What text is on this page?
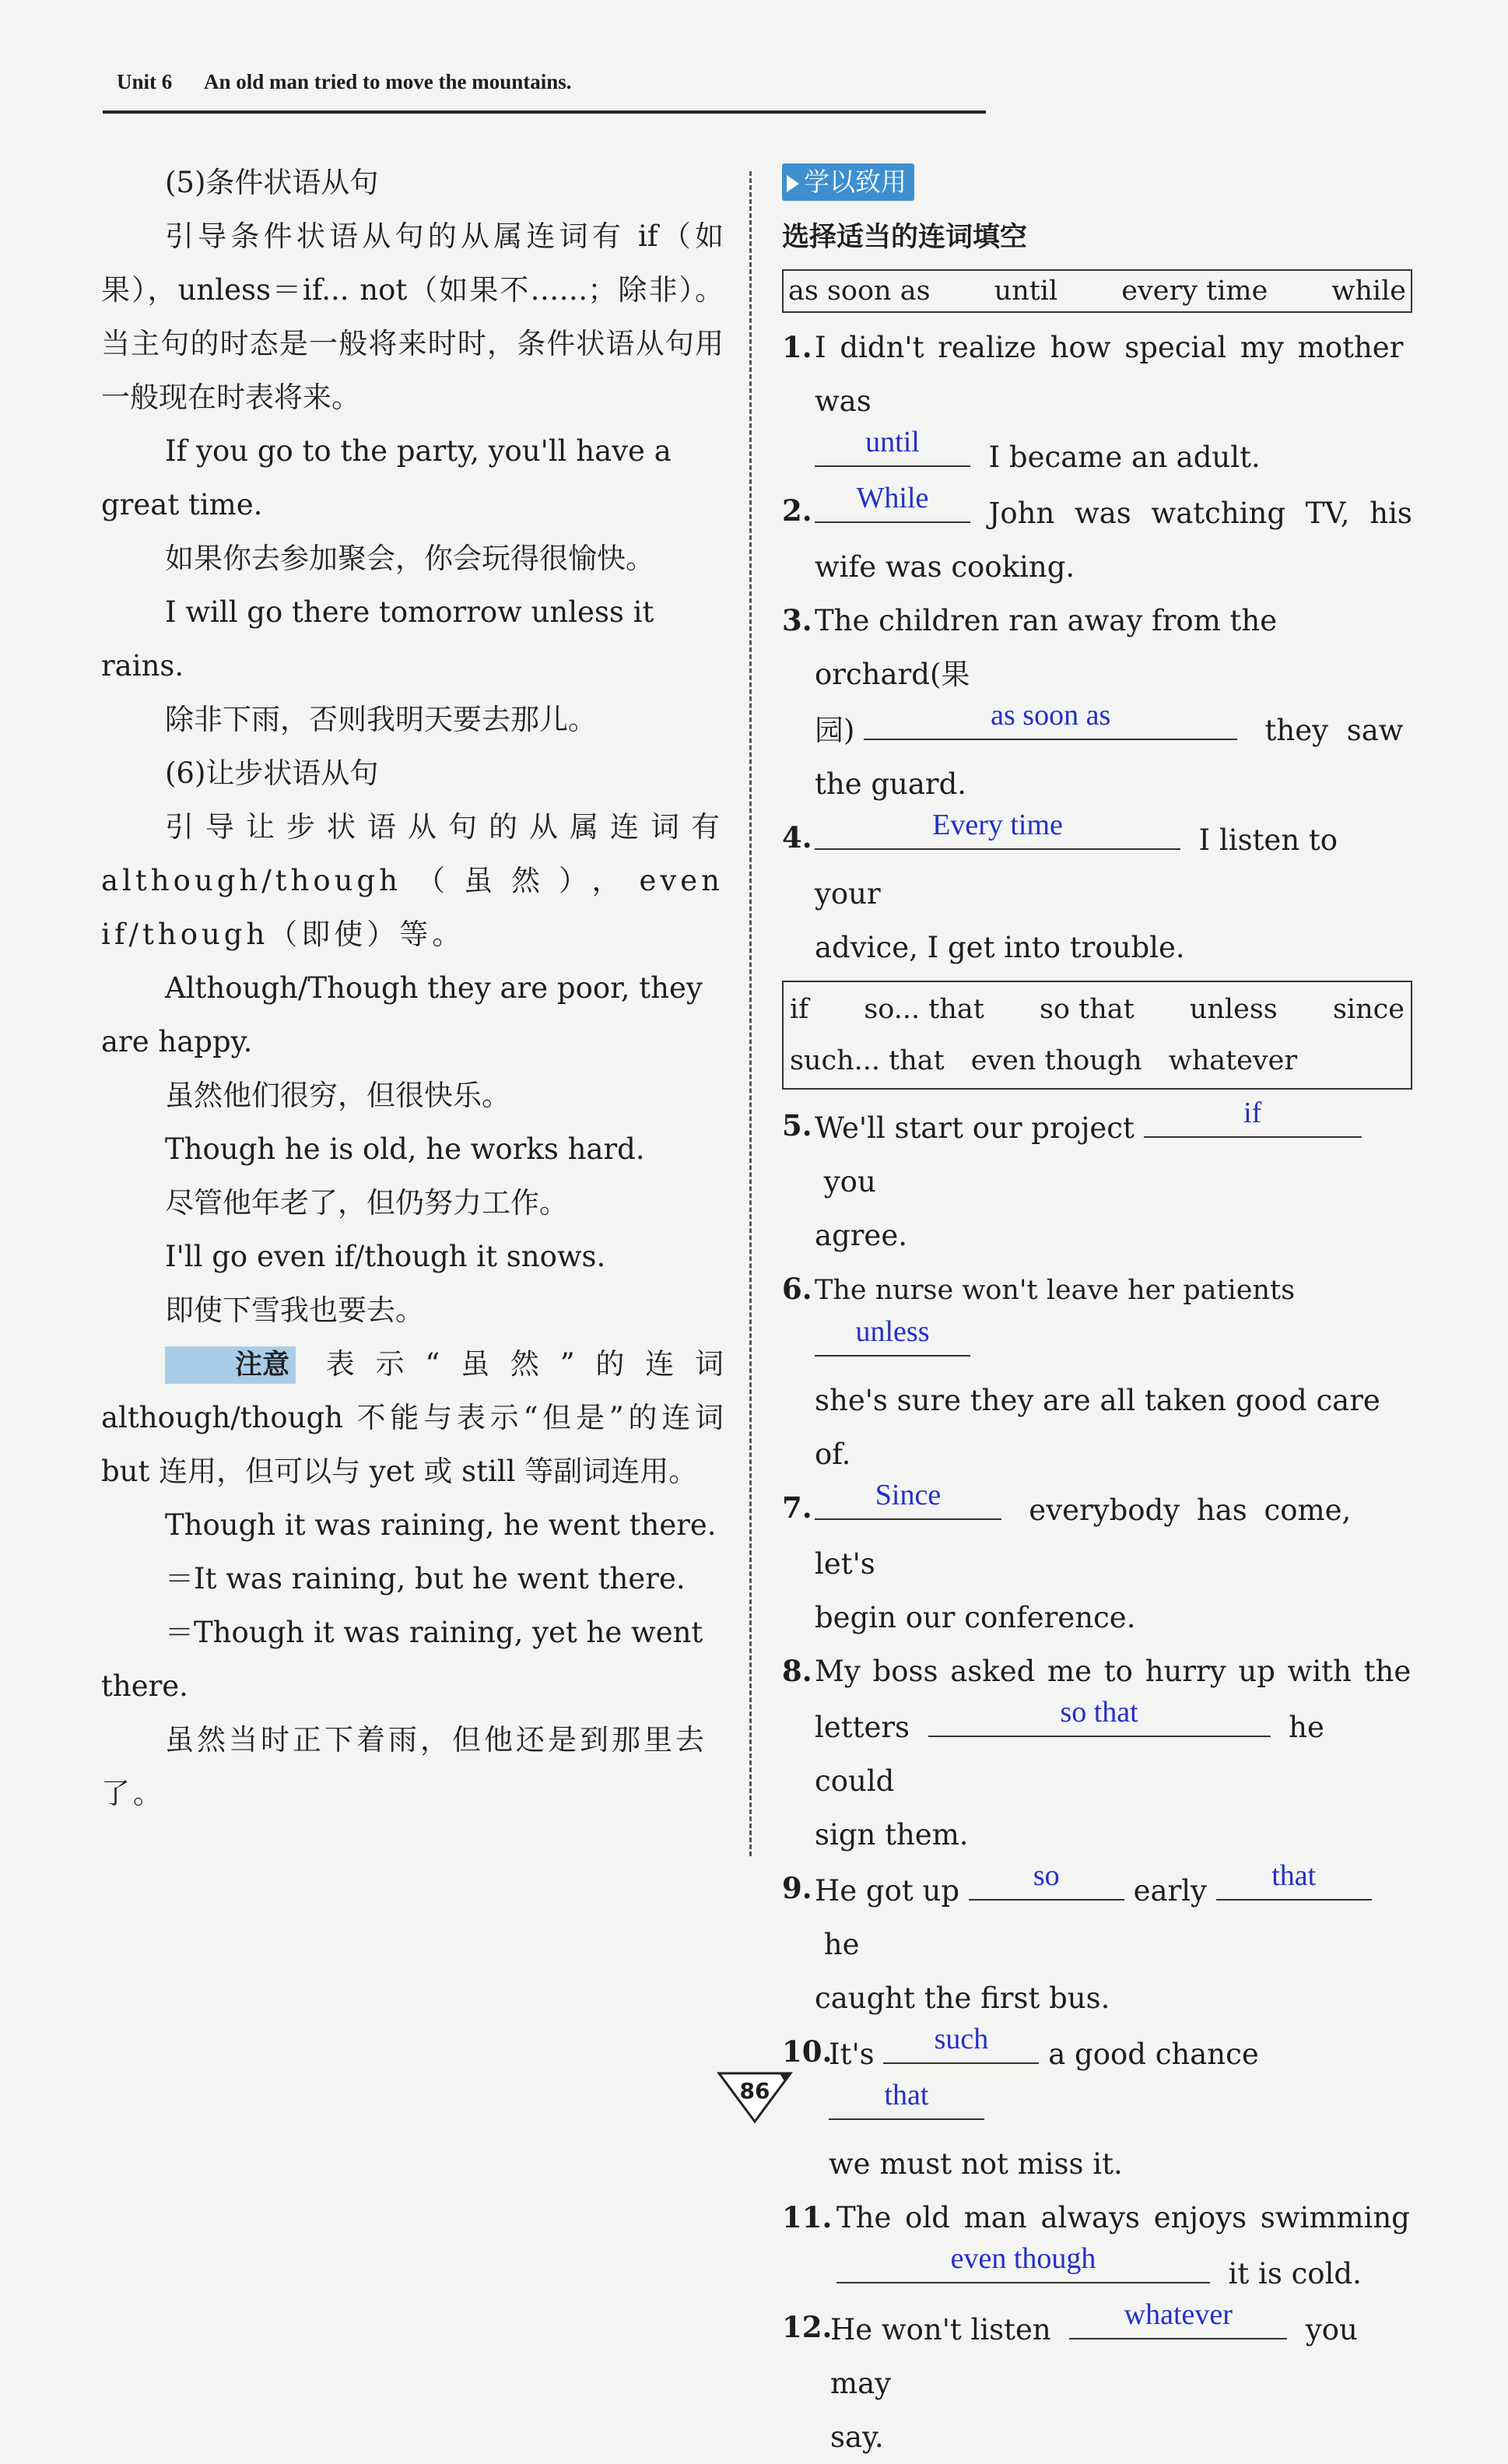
Unit 6 An old man tried to move the mountains.

(5)条件状语从句

引导条件状语从句的从属连词有 if（如果），unless＝if... not（如果不……；除非）。当主句的时态是一般将来时时，条件状语从句用一般现在时表将来。

If you go to the party, you'll have a great time.

如果你去参加聚会，你会玩得很愉快。

I will go there tomorrow unless it rains.

除非下雨，否则我明天要去那儿。

(6)让步状语从句

引导让步状语从句的从属连词有 although/though（虽然），even if/though（即使）等。

Although/Though they are poor, they are happy.

虽然他们很穷，但很快乐。

Though he is old, he works hard.

尽管他年老了，但仍努力工作。

I'll go even if/though it snows.

即使下雪我也要去。

注意 表示“虽然”的连词 although/though 不能与表示“但是”的连词 but 连用，但可以与 yet 或 still 等副词连用。

Though it was raining, he went there.

＝It was raining, but he went there.

＝Though it was raining, yet he went there.

虽然当时正下着雨，但他还是到那里去了。

学以致用
选择适当的连词填空
as soon as until every time while
1. I didn't realize how special my mother was

until	I became an adult.
2.	While	John was watching TV, his
wife was cooking.
3. The children ran away from the orchard(果
园)	as soon as	they saw
the guard.
4.	Every time	I listen to your
advice, I get into trouble.
if so... that so that unless since
such... that even though whatever
5. We'll start our project	if
you
agree.
6. The nurse won't leave her patients
unless

she's sure they are all taken good care of.
7.	Since	everybody has come, let's
begin our conference.
8. My boss asked me to hurry up with the
letters	so that	he could
sign them.
9. He got up	so	early	that
he
caught the first bus.
10.
It's	such	a good chance
that

we must not miss it.
11. The old man always enjoys swimming

even though	it is cold.
12.
He won't listen	whatever	you may
say.
86
